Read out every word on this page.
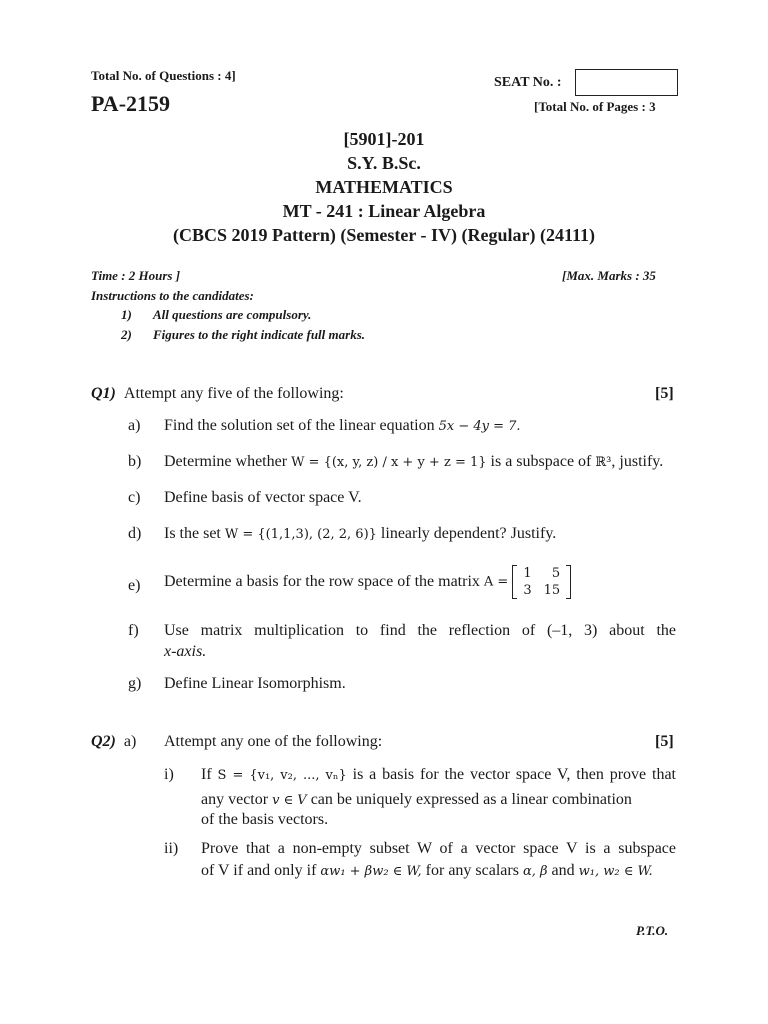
Total No. of Questions : 4]	SEAT No. :
PA-2159	[Total No. of Pages : 3
[5901]-201
S.Y. B.Sc.
MATHEMATICS
MT - 241 : Linear Algebra
(CBCS 2019 Pattern) (Semester - IV) (Regular) (24111)
Time : 2 Hours ]	[Max. Marks : 35
Instructions to the candidates:
1) All questions are compulsory.
2) Figures to the right indicate full marks.
Q1) Attempt any five of the following:	[5]
a) Find the solution set of the linear equation 5x − 4y = 7.
b) Determine whether W = {(x, y, z) / x + y + z = 1} is a subspace of ℝ³, justify.
c) Define basis of vector space V.
d) Is the set W = {(1,1,3), (2, 2, 6)} linearly dependent? Justify.
e) Determine a basis for the row space of the matrix A =
1	5
3	15
f) Use matrix multiplication to find the reflection of (–1, 3) about the
x-axis.
g) Define Linear Isomorphism.
Q2) a) Attempt any one of the following:	[5]
i) If S = {v₁, v₂, ..., vₙ} is a basis for the vector space V, then prove that
any vector v ∈ V can be uniquely expressed as a linear combination
of the basis vectors.
ii) Prove that a non-empty subset W of a vector space V is a subspace
of V if and only if αw₁ + βw₂ ∈ W, for any scalars α, β and w₁, w₂ ∈ W.
P.T.O.
